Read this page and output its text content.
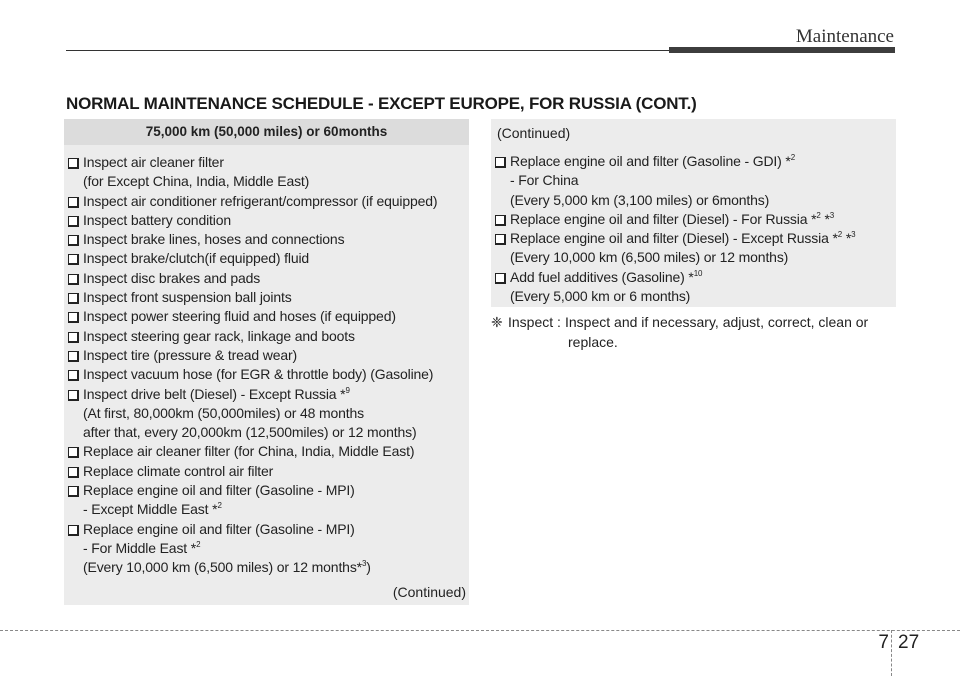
Maintenance
NORMAL MAINTENANCE SCHEDULE - EXCEPT EUROPE, FOR RUSSIA (CONT.)
75,000 km (50,000 miles) or 60months
Inspect air cleaner filter
(for Except China, India, Middle East)
Inspect air conditioner refrigerant/compressor (if equipped)
Inspect battery condition
Inspect brake lines, hoses and connections
Inspect brake/clutch(if equipped) fluid
Inspect disc brakes and pads
Inspect front suspension ball joints
Inspect power steering fluid and hoses (if equipped)
Inspect steering gear rack, linkage and boots
Inspect tire (pressure & tread wear)
Inspect vacuum hose (for EGR & throttle body) (Gasoline)
Inspect drive belt (Diesel) - Except Russia *$^9$
(At first, 80,000km (50,000miles) or 48 months
after that, every 20,000km (12,500miles) or 12 months)
Replace air cleaner filter (for China, India, Middle East)
Replace climate control air filter
Replace engine oil and filter (Gasoline - MPI)
- Except Middle East *$^2$
Replace engine oil and filter (Gasoline - MPI)
- For Middle East *$^2$
(Every 10,000 km (6,500 miles) or 12 months*$^3$)
(Continued)
(Continued)
Replace engine oil and filter (Gasoline - GDI) *$^2$
- For China
(Every 5,000 km (3,100 miles) or 6months)
Replace engine oil and filter (Diesel) - For Russia *$^2$ *$^3$
Replace engine oil and filter (Diesel) - Except Russia *$^2$ *$^3$
(Every 10,000 km (6,500 miles) or 12 months)
Add fuel additives (Gasoline) *$^{10}$
(Every 5,000 km or 6 months)
❈ Inspect : Inspect and if necessary, adjust, correct, clean or
replace.
7 27
